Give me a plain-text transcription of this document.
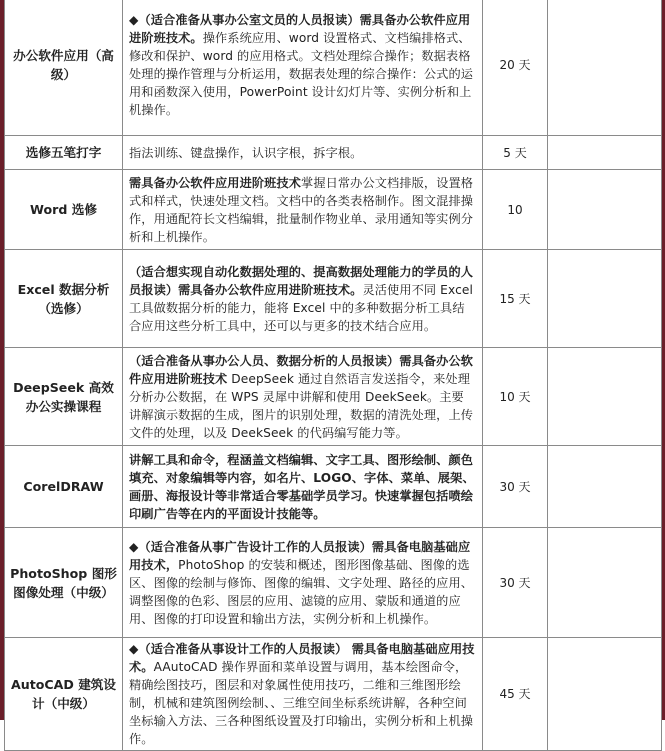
办公软件应用（高级）	◆（适合准备从事办公室文员的人员报读）需具备办公软件应用进阶班技术。操作系统应用、word 设置格式、文档编排格式、修改和保护、word 的应用格式。文档处理综合操作；数据表格处理的操作管理与分析运用，数据表处理的综合操作：公式的运用和函数深入使用，PowerPoint 设计幻灯片等、实例分析和上机操作。	20 天	
选修五笔打字	指法训练、键盘操作，认识字根，拆字根。	5 天	
Word 选修	需具备办公软件应用进阶班技术掌握日常办公文档排版，设置格式和样式，快速处理文档。文档中的各类表格制作。图文混排操作，用通配符长文档编辑，批量制作物业单、录用通知等实例分析和上机操作。	10	
Excel 数据分析（选修）	（适合想实现自动化数据处理的、提高数据处理能力的学员的人员报读）需具备办公软件应用进阶班技术。灵活使用不同 Excel 工具做数据分析的能力，能将 Excel 中的多种数据分析工具结合应用这些分析工具中，还可以与更多的技术结合应用。	15 天	
DeepSeek 高效办公实操课程	（适合准备从事办公人员、数据分析的人员报读）需具备办公软件应用进阶班技术 DeepSeek 通过自然语言发送指令，来处理分析办公数据，在 WPS 灵犀中讲解和使用 DeekSeek。主要讲解演示数据的生成，图片的识别处理，数据的清洗处理，上传文件的处理，以及 DeekSeek 的代码编写能力等。	10 天	
CorelDRAW	讲解工具和命令，程涵盖文档编辑、文字工具、图形绘制、颜色填充、对象编辑等内容，如名片、LOGO、字体、菜单、展架、画册、海报设计等非常适合零基础学员学习。快速掌握包括喷绘印刷广告等在内的平面设计技能等。	30 天	
PhotoShop 图形图像处理（中级）	◆（适合准备从事广告设计工作的人员报读）需具备电脑基础应用技术，PhotoShop 的安装和概述，图形图像基础、图像的选区、图像的绘制与修饰、图像的编辑、文字处理、路径的应用、调整图像的色彩、图层的应用、滤镜的应用、蒙版和通道的应用、图像的打印设置和输出方法，实例分析和上机操作。	30 天	
AutoCAD 建筑设计（中级）	◆（适合准备从事设计工作的人员报读） 需具备电脑基础应用技术。AAutoCAD 操作界面和菜单设置与调用，基本绘图命令，精确绘图技巧，图层和对象属性使用技巧，二维和三维图形绘制，机械和建筑图例绘制、、三维空间坐标系统讲解，各种空间坐标输入方法、三各种图纸设置及打印输出，实例分析和上机操作。	45 天	
